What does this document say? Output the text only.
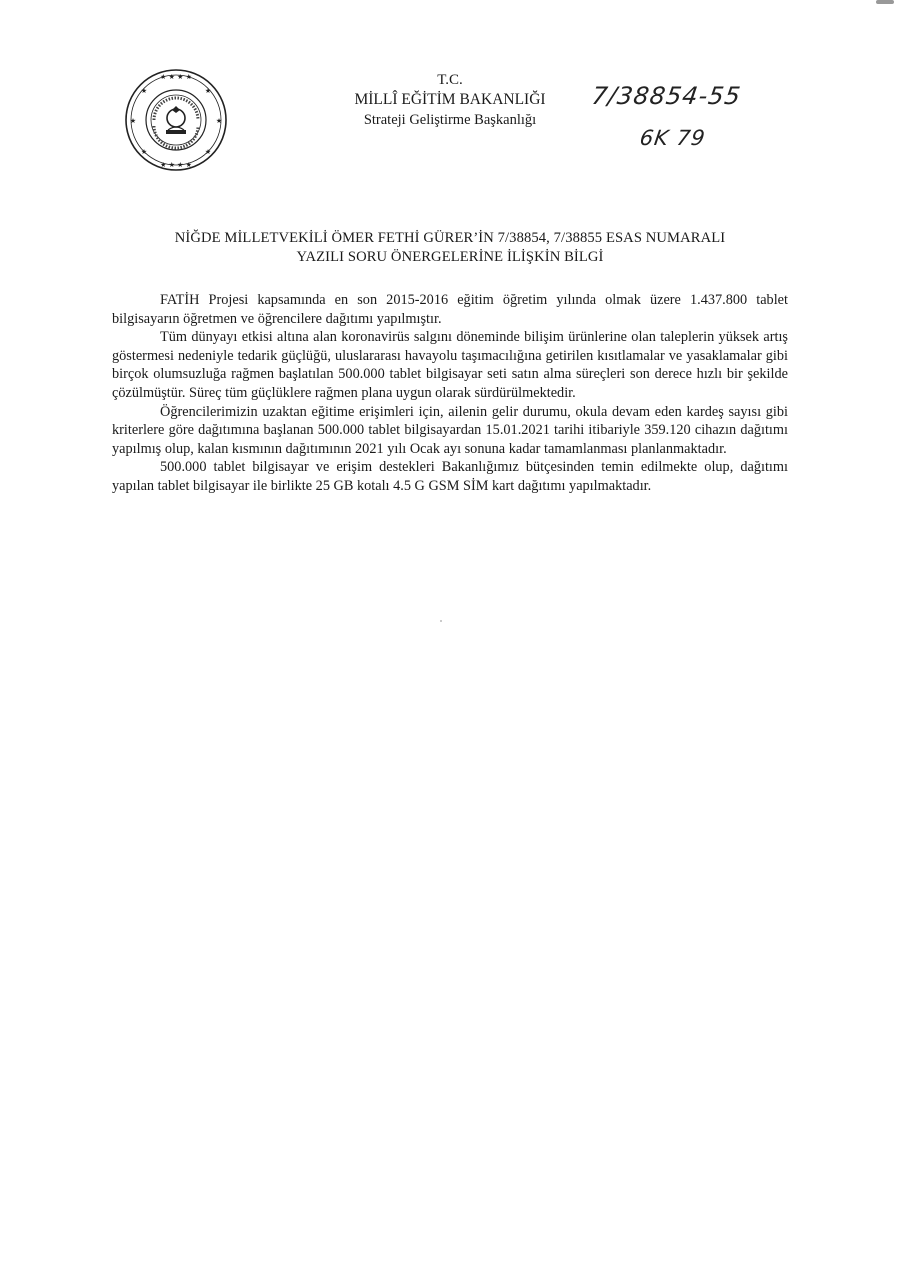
★ ★ ★ ★
★ ★ ★ ★
★	★
★	★
★	★
T.C.
MİLLÎ EĞİTİM BAKANLIĞI
Strateji Geliştirme Başkanlığı
7/38854-55
6K 79
NİĞDE MİLLETVEKİLİ ÖMER FETHİ GÜRER’İN 7/38854, 7/38855 ESAS NUMARALI
YAZILI SORU ÖNERGELERİNE İLİŞKİN BİLGİ

FATİH Projesi kapsamında en son 2015-2016 eğitim öğretim yılında olmak üzere 1.437.800 tablet bilgisayarın öğretmen ve öğrencilere dağıtımı yapılmıştır.

Tüm dünyayı etkisi altına alan koronavirüs salgını döneminde bilişim ürünlerine olan taleplerin yüksek artış göstermesi nedeniyle tedarik güçlüğü, uluslararası havayolu taşımacılığına getirilen kısıtlamalar ve yasaklamalar gibi birçok olumsuzluğa rağmen başlatılan 500.000 tablet bilgisayar seti satın alma süreçleri son derece hızlı bir şekilde çözülmüştür. Süreç tüm güçlüklere rağmen plana uygun olarak sürdürülmektedir.

Öğrencilerimizin uzaktan eğitime erişimleri için, ailenin gelir durumu, okula devam eden kardeş sayısı gibi kriterlere göre dağıtımına başlanan 500.000 tablet bilgisayardan 15.01.2021 tarihi itibariyle 359.120 cihazın dağıtımı yapılmış olup, kalan kısmının dağıtımının 2021 yılı Ocak ayı sonuna kadar tamamlanması planlanmaktadır.

500.000 tablet bilgisayar ve erişim destekleri Bakanlığımız bütçesinden temin edilmekte olup, dağıtımı yapılan tablet bilgisayar ile birlikte 25 GB kotalı 4.5 G GSM SİM kart dağıtımı yapılmaktadır.
